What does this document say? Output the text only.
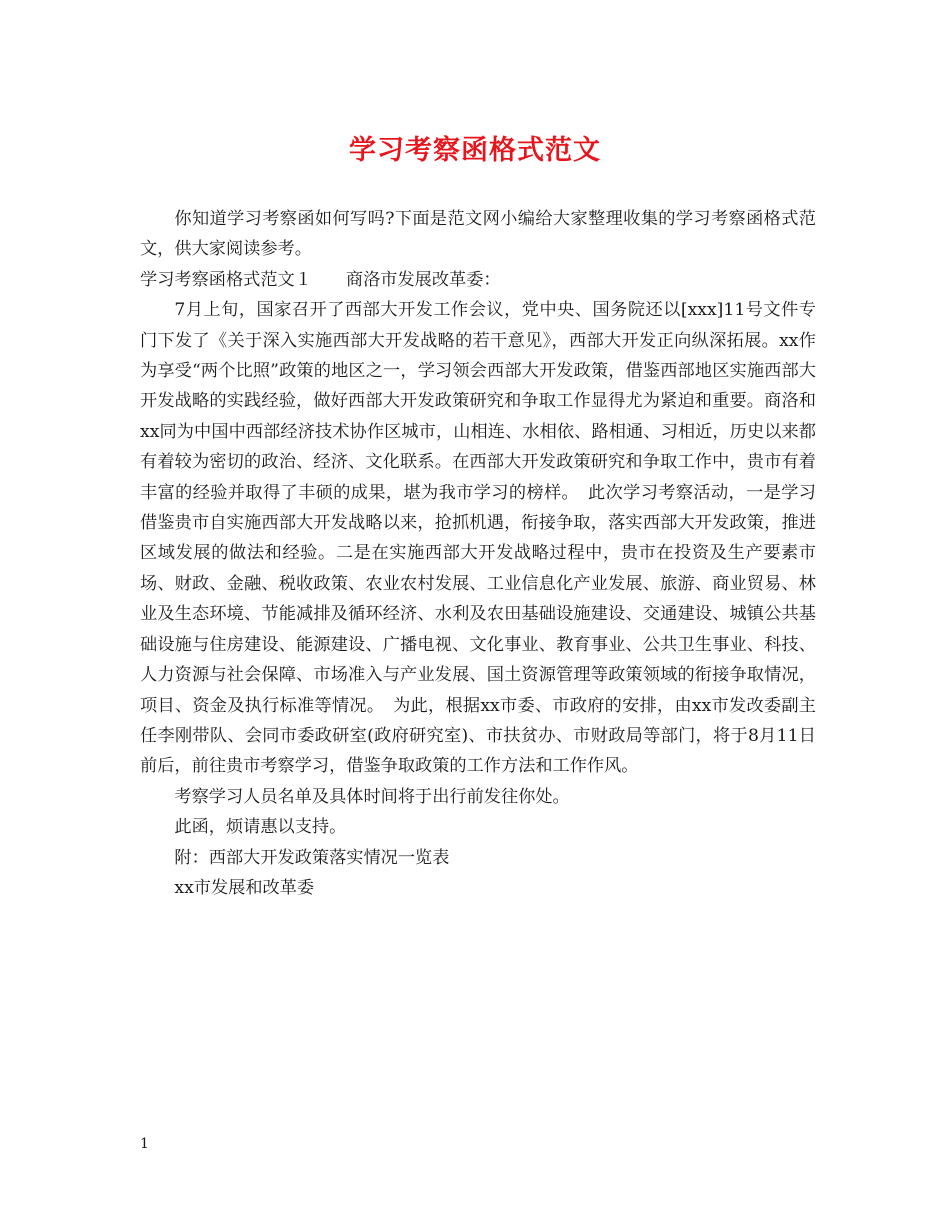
学习考察函格式范文

你知道学习考察函如何写吗?下面是范文网小编给大家整理收集的学习考察函格式范文，供大家阅读参考。

学习考察函格式范文１ 商洛市发展改革委：

7月上旬，国家召开了西部大开发工作会议，党中央、国务院还以[xxx]11号文件专门下发了《关于深入实施西部大开发战略的若干意见》，西部大开发正向纵深拓展。xx作为享受“两个比照”政策的地区之一，学习领会西部大开发政策，借鉴西部地区实施西部大开发战略的实践经验，做好西部大开发政策研究和争取工作显得尤为紧迫和重要。商洛和xx同为中国中西部经济技术协作区城市，山相连、水相依、路相通、习相近，历史以来都有着较为密切的政治、经济、文化联系。在西部大开发政策研究和争取工作中，贵市有着丰富的经验并取得了丰硕的成果，堪为我市学习的榜样。　此次学习考察活动，一是学习借鉴贵市自实施西部大开发战略以来，抢抓机遇，衔接争取，落实西部大开发政策，推进区域发展的做法和经验。二是在实施西部大开发战略过程中，贵市在投资及生产要素市场、财政、金融、税收政策、农业农村发展、工业信息化产业发展、旅游、商业贸易、林业及生态环境、节能减排及循环经济、水利及农田基础设施建设、交通建设、城镇公共基础设施与住房建设、能源建设、广播电视、文化事业、教育事业、公共卫生事业、科技、人力资源与社会保障、市场准入与产业发展、国土资源管理等政策领域的衔接争取情况，项目、资金及执行标准等情况。　为此，根据xx市委、市政府的安排，由xx市发改委副主任李刚带队、会同市委政研室(政府研究室)、市扶贫办、市财政局等部门，将于8月11日前后，前往贵市考察学习，借鉴争取政策的工作方法和工作作风。

考察学习人员名单及具体时间将于出行前发往你处。

此函，烦请惠以支持。

附：西部大开发政策落实情况一览表

xx市发展和改革委

1
